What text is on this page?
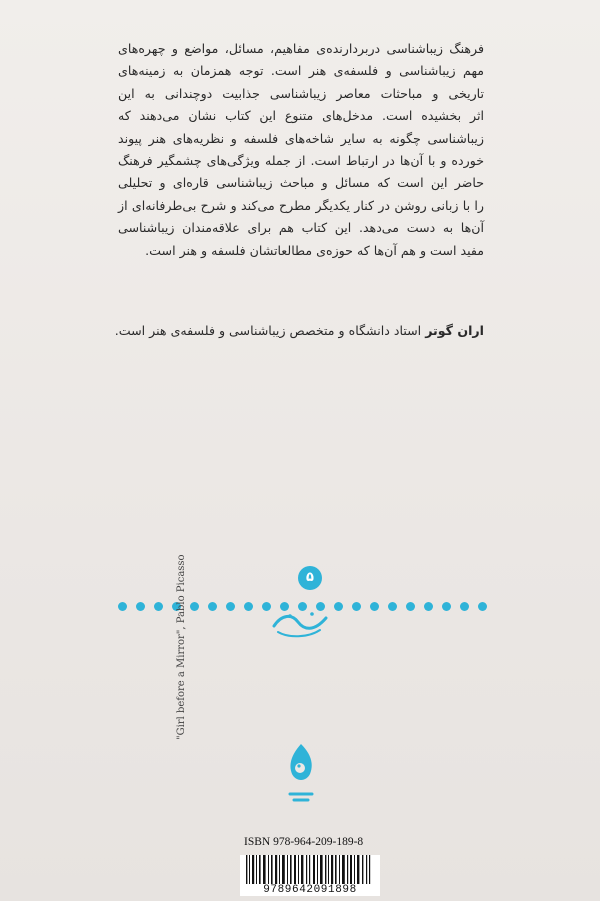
فرهنگ زیباشناسی دربردارنده‌ی مفاهیم، مسائل، مواضع و چهره‌های
مهم زیباشناسی و فلسفه‌ی هنر است. توجه همزمان به زمینه‌های
تاریخی و مباحثات معاصر زیباشناسی جذابیت دوچندانی به این
اثر بخشیده است. مدخل‌های متنوع این کتاب نشان می‌دهند که
زیباشناسی چگونه به سایر شاخه‌های فلسفه و نظریه‌های هنر پیوند
خورده و با آن‌ها در ارتباط است. از جمله ویژگی‌های چشمگیر فرهنگ
حاضر این است که مسائل و مباحث زیباشناسی قاره‌ای و تحلیلی
را با زبانی روشن در کنار یکدیگر مطرح می‌کند و شرح بی‌طرفانه‌ای از
آن‌ها به دست می‌دهد. این کتاب هم برای علاقه‌مندان زیباشناسی
مفید است و هم آن‌ها که حوزه‌ی مطالعاتشان فلسفه و هنر است.
اران گوتر استاد دانشگاه و متخصص زیباشناسی و فلسفه‌ی هنر است.
۵
"Girl before a Mirror", Pablo Picasso
ISBN 978-964-209-189-8
9789642091898
